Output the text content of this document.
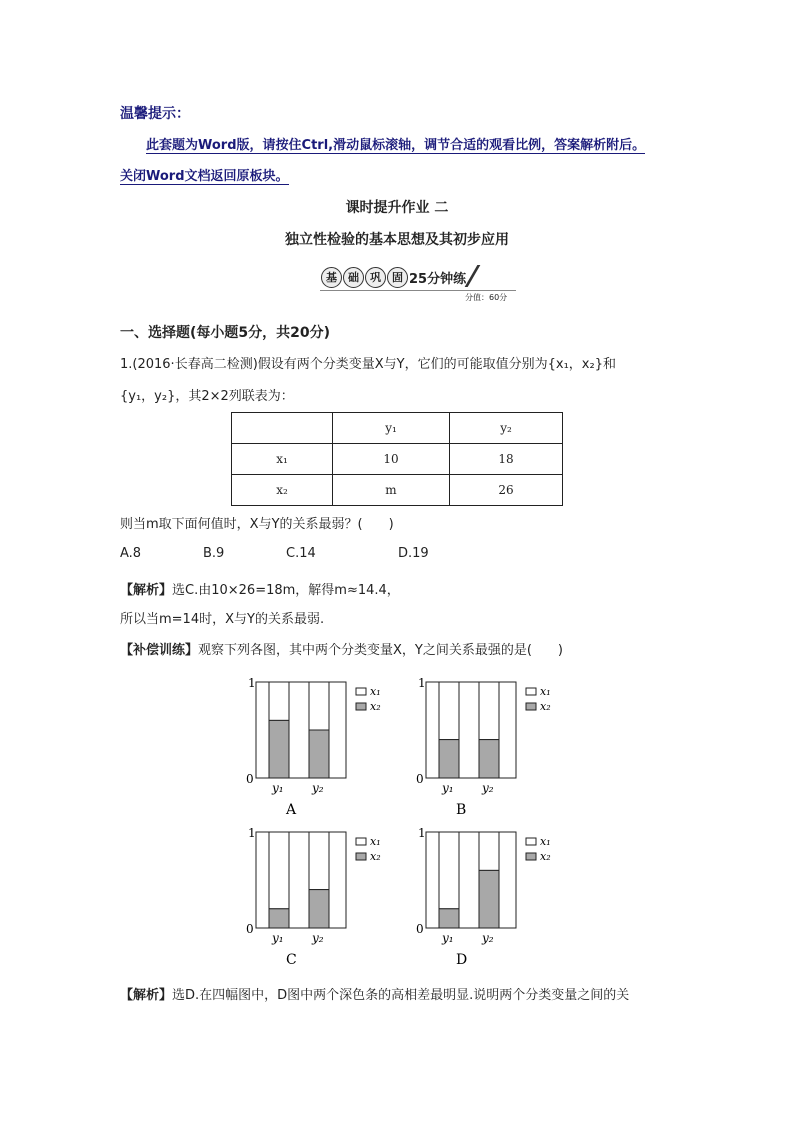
温馨提示：
此套题为Word版，请按住Ctrl,滑动鼠标滚轴，调节合适的观看比例，答案解析附后。
关闭Word文档返回原板块。
课时提升作业 二
独立性检验的基本思想及其初步应用
基	础	巩	固 25分钟练
分值：60分
一、选择题(每小题5分，共20分)
1.(2016·长春高二检测)假设有两个分类变量X与Y，它们的可能取值分别为{x₁，x₂}和
{y₁，y₂}，其2×2列联表为：
	y₁	y₂
x₁	10	18
x₂	m	26
则当m取下面何值时，X与Y的关系最弱？(　　)
A.8	B.9	C.14	D.19
【解析】选C.由10×26=18m，解得m≈14.4，
所以当m=14时，X与Y的关系最弱.
【补偿训练】观察下列各图，其中两个分类变量X，Y之间关系最强的是(　　)
1
0
y₁ y₂
x₁
x₂
A
1
0
y₁ y₂
x₁
x₂
B
1
0
y₁ y₂
x₁
x₂
C
1
0
y₁ y₂
x₁
x₂
D
【解析】选D.在四幅图中，D图中两个深色条的高相差最明显.说明两个分类变量之间的关
